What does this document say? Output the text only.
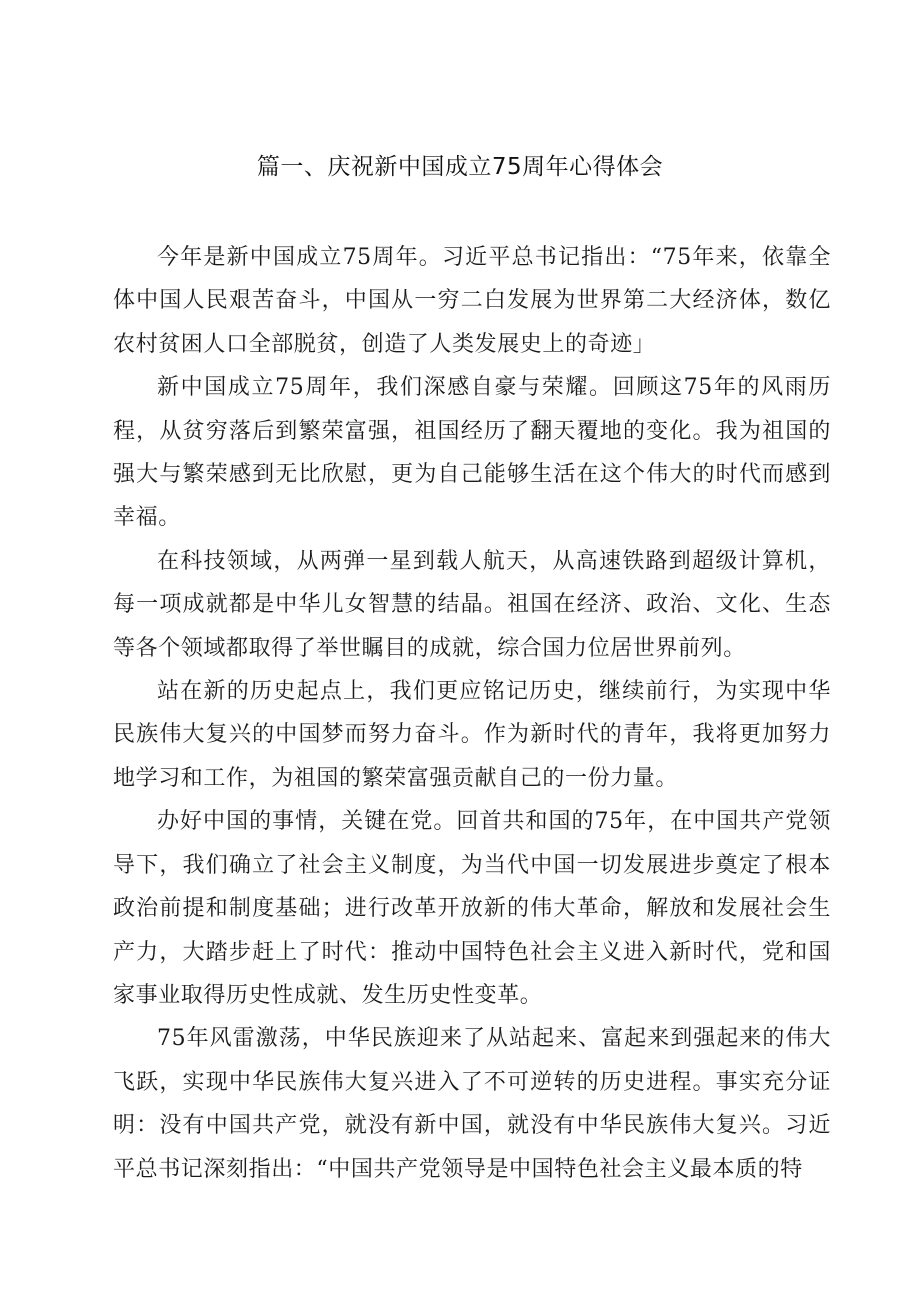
篇一、庆祝新中国成立75周年心得体会

今年是新中国成立75周年。习近平总书记指出：“75年来，依靠全体中国人民艰苦奋斗，中国从一穷二白发展为世界第二大经济体，数亿农村贫困人口全部脱贫，创造了人类发展史上的奇迹」

新中国成立75周年，我们深感自豪与荣耀。回顾这75年的风雨历程，从贫穷落后到繁荣富强，祖国经历了翻天覆地的变化。我为祖国的强大与繁荣感到无比欣慰，更为自己能够生活在这个伟大的时代而感到幸福。

在科技领域，从两弹一星到载人航天，从高速铁路到超级计算机，每一项成就都是中华儿女智慧的结晶。祖国在经济、政治、文化、生态等各个领域都取得了举世瞩目的成就，综合国力位居世界前列。

站在新的历史起点上，我们更应铭记历史，继续前行，为实现中华民族伟大复兴的中国梦而努力奋斗。作为新时代的青年，我将更加努力地学习和工作，为祖国的繁荣富强贡献自己的一份力量。

办好中国的事情，关键在党。回首共和国的75年，在中国共产党领导下，我们确立了社会主义制度，为当代中国一切发展进步奠定了根本政治前提和制度基础；进行改革开放新的伟大革命，解放和发展社会生产力，大踏步赶上了时代：推动中国特色社会主义进入新时代，党和国家事业取得历史性成就、发生历史性变革。

75年风雷激荡，中华民族迎来了从站起来、富起来到强起来的伟大飞跃，实现中华民族伟大复兴进入了不可逆转的历史进程。事实充分证明：没有中国共产党，就没有新中国，就没有中华民族伟大复兴。习近平总书记深刻指出：“中国共产党领导是中国特色社会主义最本质的特
